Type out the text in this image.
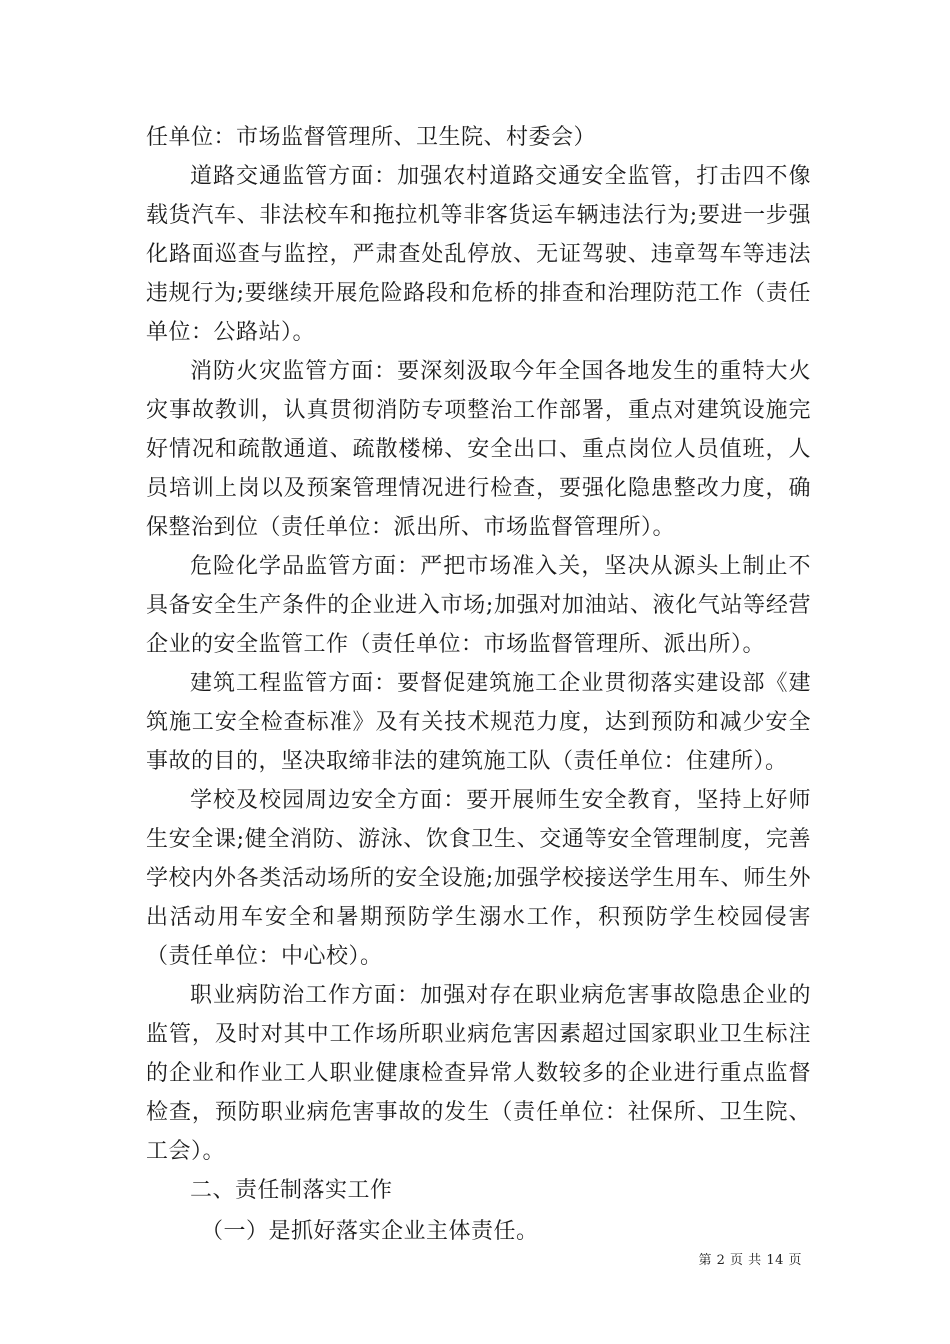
任单位：市场监督管理所、卫生院、村委会）

道路交通监管方面：加强农村道路交通安全监管，打击四不像载货汽车、非法校车和拖拉机等非客货运车辆违法行为;要进一步强化路面巡查与监控，严肃查处乱停放、无证驾驶、违章驾车等违法违规行为;要继续开展危险路段和危桥的排查和治理防范工作（责任单位：公路站）。

消防火灾监管方面：要深刻汲取今年全国各地发生的重特大火灾事故教训，认真贯彻消防专项整治工作部署，重点对建筑设施完好情况和疏散通道、疏散楼梯、安全出口、重点岗位人员值班，人员培训上岗以及预案管理情况进行检查，要强化隐患整改力度，确保整治到位（责任单位：派出所、市场监督管理所）。

危险化学品监管方面：严把市场准入关，坚决从源头上制止不具备安全生产条件的企业进入市场;加强对加油站、液化气站等经营企业的安全监管工作（责任单位：市场监督管理所、派出所）。

建筑工程监管方面：要督促建筑施工企业贯彻落实建设部《建筑施工安全检查标准》及有关技术规范力度，达到预防和减少安全事故的目的，坚决取缔非法的建筑施工队（责任单位：住建所）。

学校及校园周边安全方面：要开展师生安全教育，坚持上好师生安全课;健全消防、游泳、饮食卫生、交通等安全管理制度，完善学校内外各类活动场所的安全设施;加强学校接送学生用车、师生外出活动用车安全和暑期预防学生溺水工作，积预防学生校园侵害（责任单位：中心校）。

职业病防治工作方面：加强对存在职业病危害事故隐患企业的监管，及时对其中工作场所职业病危害因素超过国家职业卫生标注的企业和作业工人职业健康检查异常人数较多的企业进行重点监督检查，预防职业病危害事故的发生（责任单位：社保所、卫生院、工会）。

二、责任制落实工作

（一）是抓好落实企业主体责任。

第 2 页 共 14 页
